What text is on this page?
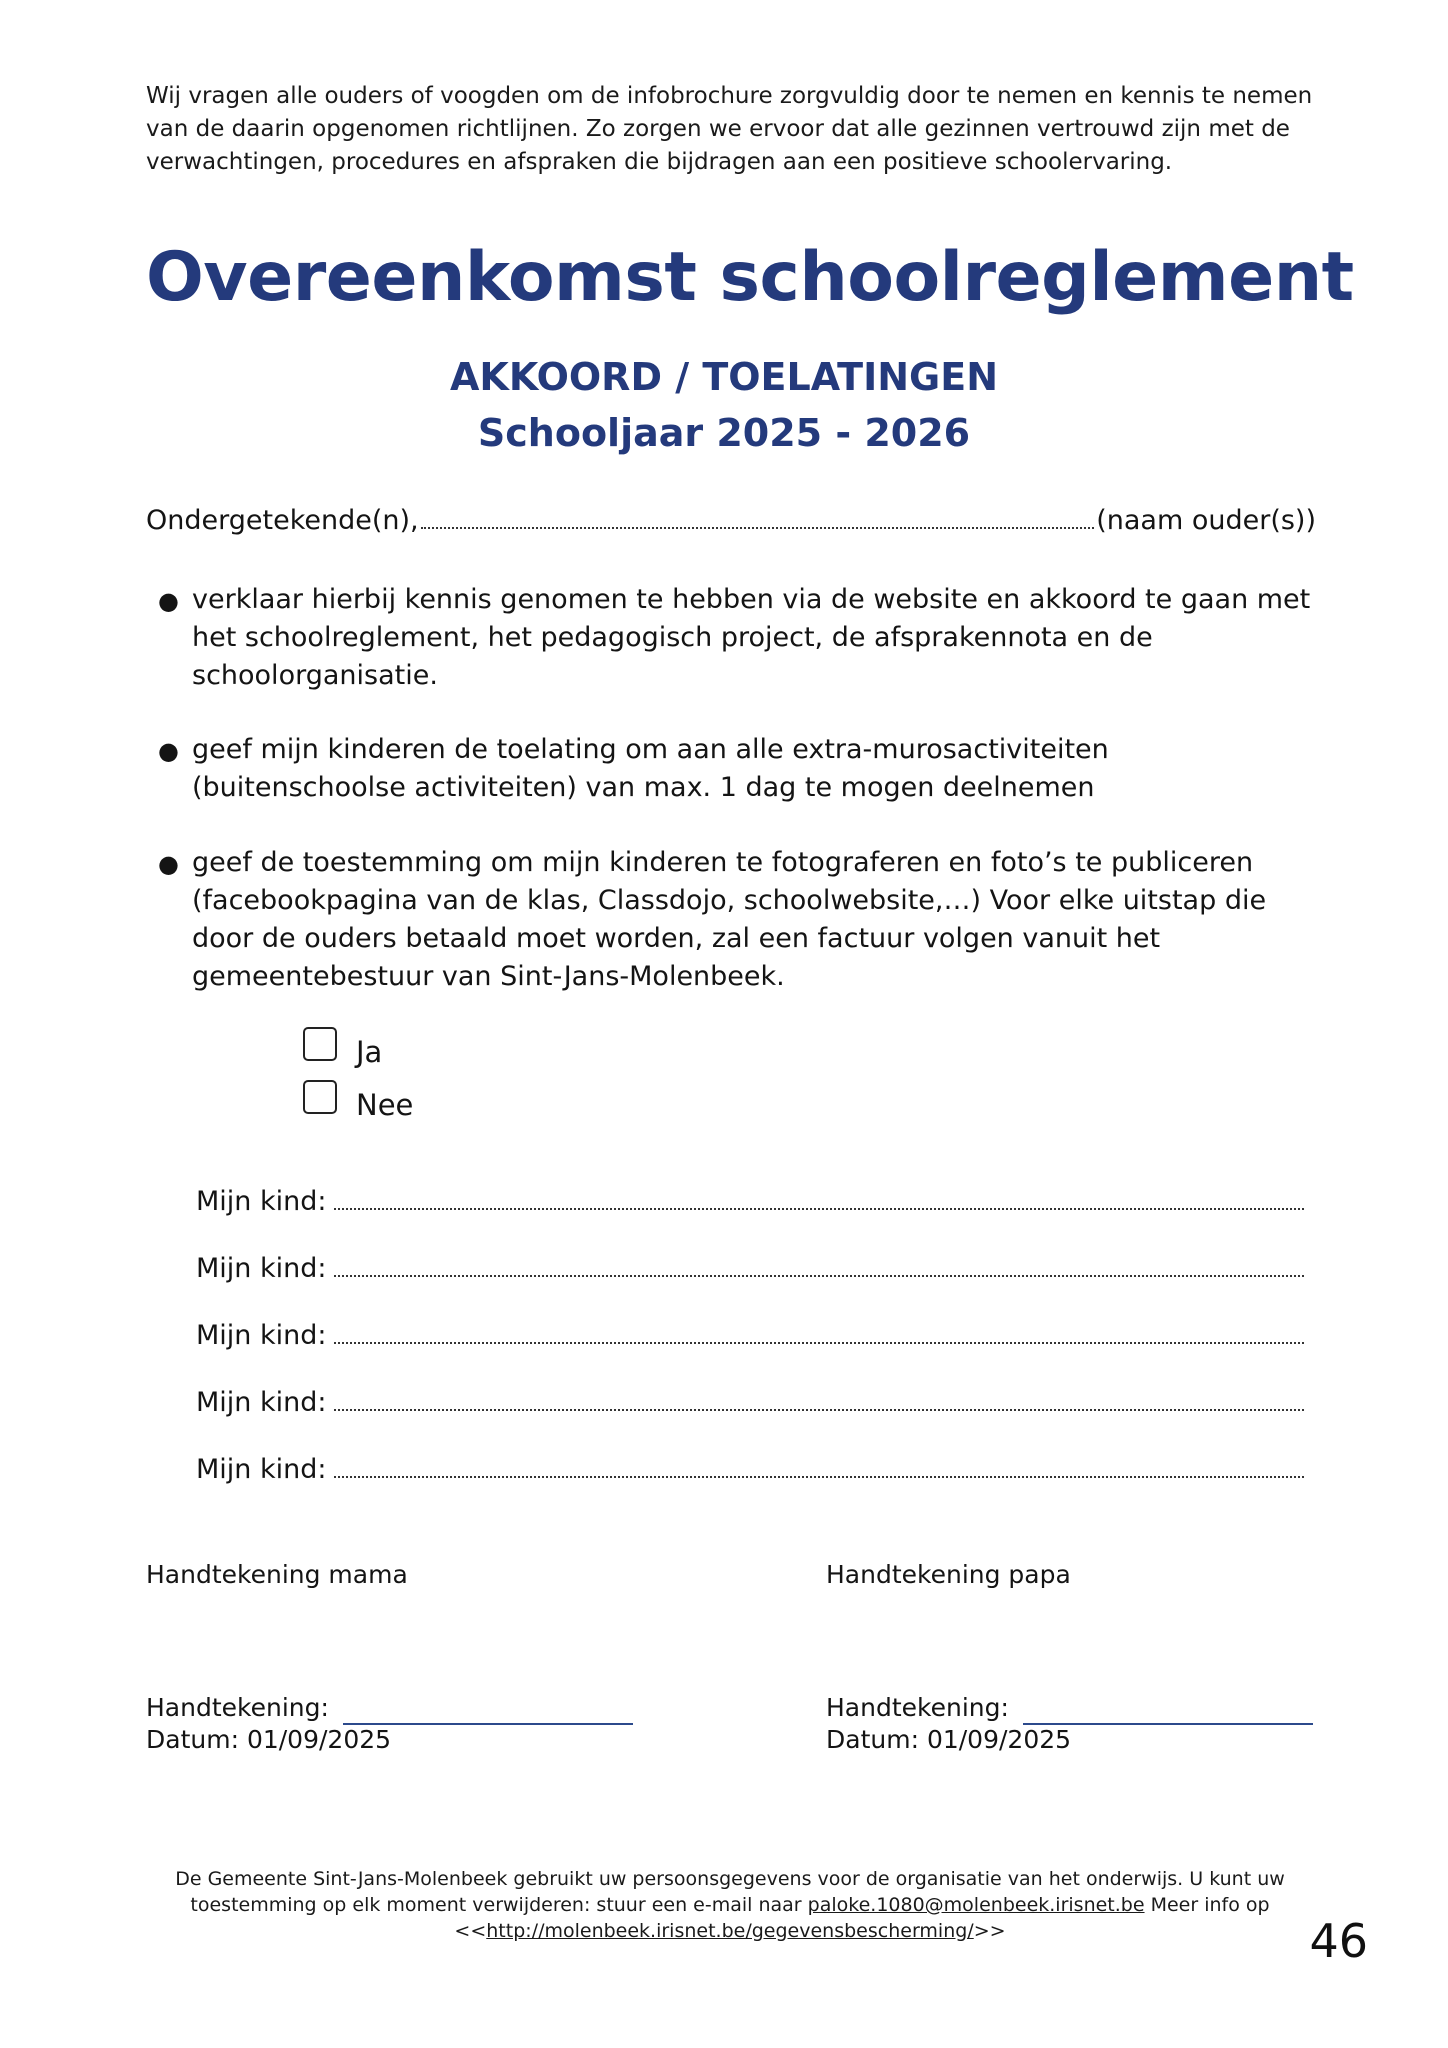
Wij vragen alle ouders of voogden om de infobrochure zorgvuldig door te nemen en kennis te nemen van de daarin opgenomen richtlijnen. Zo zorgen we ervoor dat alle gezinnen vertrouwd zijn met de verwachtingen, procedures en afspraken die bijdragen aan een positieve schoolervaring.
Overeenkomst schoolreglement
AKKOORD / TOELATINGEN
Schooljaar 2025 - 2026
Ondergetekende(n),	(naam ouder(s))
● verklaar hierbij kennis genomen te hebben via de website en akkoord te gaan met het schoolreglement, het pedagogisch project, de afsprakennota en de schoolorganisatie.
● geef mijn kinderen de toelating om aan alle extra-murosactiviteiten (buitenschoolse activiteiten) van max. 1 dag te mogen deelnemen
● geef de toestemming om mijn kinderen te fotograferen en foto’s te publiceren (facebookpagina van de klas, Classdojo, schoolwebsite,…) Voor elke uitstap die door de ouders betaald moet worden, zal een factuur volgen vanuit het gemeentebestuur van Sint-Jans-Molenbeek.
Ja
Nee
Mijn kind:
Mijn kind:
Mijn kind:
Mijn kind:
Mijn kind:
Handtekening mama	Handtekening papa
Handtekening:
Datum: 01/09/2025
Handtekening:
Datum: 01/09/2025
De Gemeente Sint-Jans-Molenbeek gebruikt uw persoonsgegevens voor de organisatie van het onderwijs. U kunt uw toestemming op elk moment verwijderen: stuur een e-mail naar paloke.1080@molenbeek.irisnet.be Meer info op
<<http://molenbeek.irisnet.be/gegevensbescherming/>>	46
